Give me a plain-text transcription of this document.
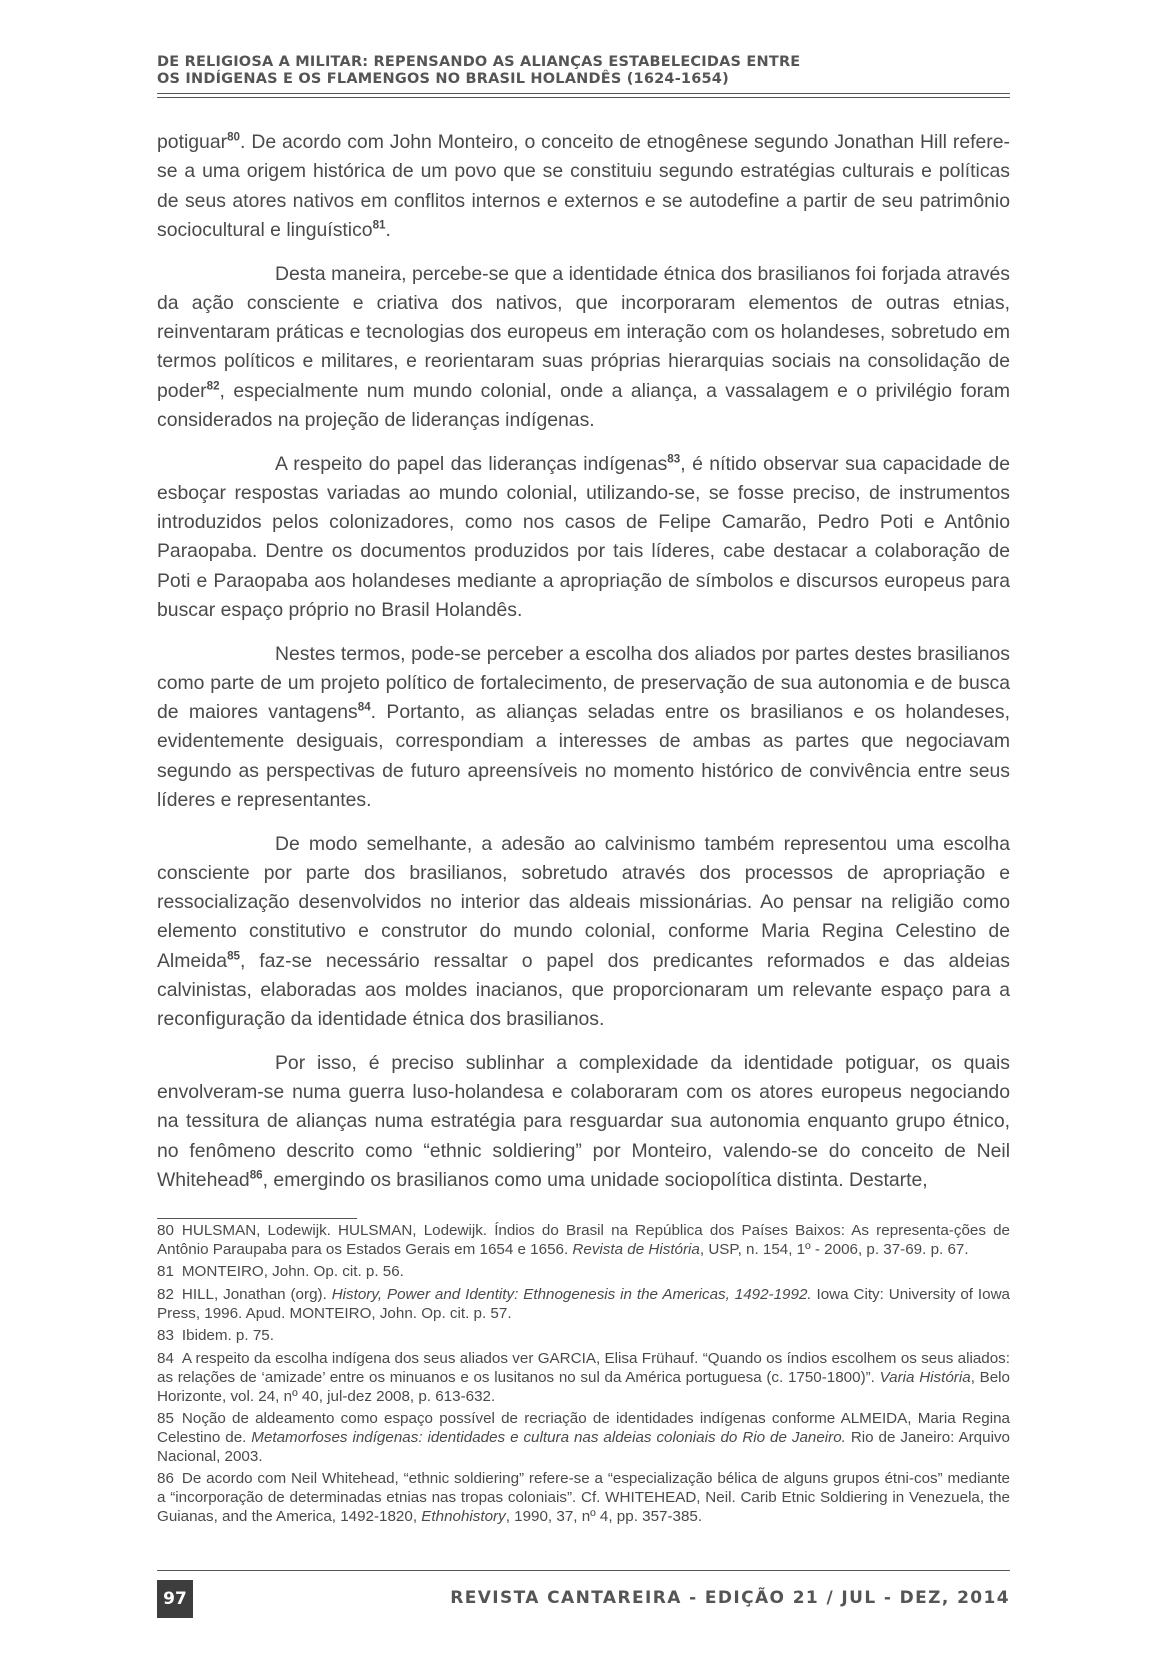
DE RELIGIOSA A MILITAR: REPENSANDO AS ALIANÇAS ESTABELECIDAS ENTRE
OS INDÍGENAS E OS FLAMENGOS NO BRASIL HOLANDÊS (1624-1654)

potiguar$^{80}$. De acordo com John Monteiro, o conceito de etnogênese segundo Jonathan Hill refere-se a uma origem histórica de um povo que se constituiu segundo estratégias culturais e políticas de seus atores nativos em conflitos internos e externos e se autodefine a partir de seu patrimônio sociocultural e linguístico$^{81}$.

Desta maneira, percebe-se que a identidade étnica dos brasilianos foi forjada através da ação consciente e criativa dos nativos, que incorporaram elementos de outras etnias, reinventaram práticas e tecnologias dos europeus em interação com os holandeses, sobretudo em termos políticos e militares, e reorientaram suas próprias hierarquias sociais na consolidação de poder$^{82}$, especialmente num mundo colonial, onde a aliança, a vassalagem e o privilégio foram considerados na projeção de lideranças indígenas.

A respeito do papel das lideranças indígenas$^{83}$, é nítido observar sua capacidade de esboçar respostas variadas ao mundo colonial, utilizando-se, se fosse preciso, de instrumentos introduzidos pelos colonizadores, como nos casos de Felipe Camarão, Pedro Poti e Antônio Paraopaba. Dentre os documentos produzidos por tais líderes, cabe destacar a colaboração de Poti e Paraopaba aos holandeses mediante a apropriação de símbolos e discursos europeus para buscar espaço próprio no Brasil Holandês.

Nestes termos, pode-se perceber a escolha dos aliados por partes destes brasilianos como parte de um projeto político de fortalecimento, de preservação de sua autonomia e de busca de maiores vantagens$^{84}$. Portanto, as alianças seladas entre os brasilianos e os holandeses, evidentemente desiguais, correspondiam a interesses de ambas as partes que negociavam segundo as perspectivas de futuro apreensíveis no momento histórico de convivência entre seus líderes e representantes.

De modo semelhante, a adesão ao calvinismo também representou uma escolha consciente por parte dos brasilianos, sobretudo através dos processos de apropriação e ressocialização desenvolvidos no interior das aldeais missionárias. Ao pensar na religião como elemento constitutivo e construtor do mundo colonial, conforme Maria Regina Celestino de Almeida$^{85}$, faz-se necessário ressaltar o papel dos predicantes reformados e das aldeias calvinistas, elaboradas aos moldes inacianos, que proporcionaram um relevante espaço para a reconfiguração da identidade étnica dos brasilianos.

Por isso, é preciso sublinhar a complexidade da identidade potiguar, os quais envolveram-se numa guerra luso-holandesa e colaboraram com os atores europeus negociando na tessitura de alianças numa estratégia para resguardar sua autonomia enquanto grupo étnico, no fenômeno descrito como “ethnic soldiering” por Monteiro, valendo-se do conceito de Neil Whitehead$^{86}$, emergindo os brasilianos como uma unidade sociopolítica distinta. Destarte,

80 HULSMAN, Lodewijk. HULSMAN, Lodewijk. Índios do Brasil na República dos Países Baixos: As representa-ções de Antônio Paraupaba para os Estados Gerais em 1654 e 1656. Revista de História, USP, n. 154, 1º - 2006, p. 37-69. p. 67.

81 MONTEIRO, John. Op. cit. p. 56.

82 HILL, Jonathan (org). History, Power and Identity: Ethnogenesis in the Americas, 1492-1992. Iowa City: University of Iowa Press, 1996. Apud. MONTEIRO, John. Op. cit. p. 57.

83 Ibidem. p. 75.

84 A respeito da escolha indígena dos seus aliados ver GARCIA, Elisa Frühauf. “Quando os índios escolhem os seus aliados: as relações de ‘amizade’ entre os minuanos e os lusitanos no sul da América portuguesa (c. 1750-1800)”. Varia História, Belo Horizonte, vol. 24, nº 40, jul-dez 2008, p. 613-632.

85 Noção de aldeamento como espaço possível de recriação de identidades indígenas conforme ALMEIDA, Maria Regina Celestino de. Metamorfoses indígenas: identidades e cultura nas aldeias coloniais do Rio de Janeiro. Rio de Janeiro: Arquivo Nacional, 2003.

86 De acordo com Neil Whitehead, “ethnic soldiering” refere-se a “especialização bélica de alguns grupos étni-cos” mediante a “incorporação de determinadas etnias nas tropas coloniais”. Cf. WHITEHEAD, Neil. Carib Etnic Soldiering in Venezuela, the Guianas, and the America, 1492-1820, Ethnohistory, 1990, 37, nº 4, pp. 357-385.

97	REVISTA CANTAREIRA - EDIÇÃO 21 / JUL - DEZ, 2014
